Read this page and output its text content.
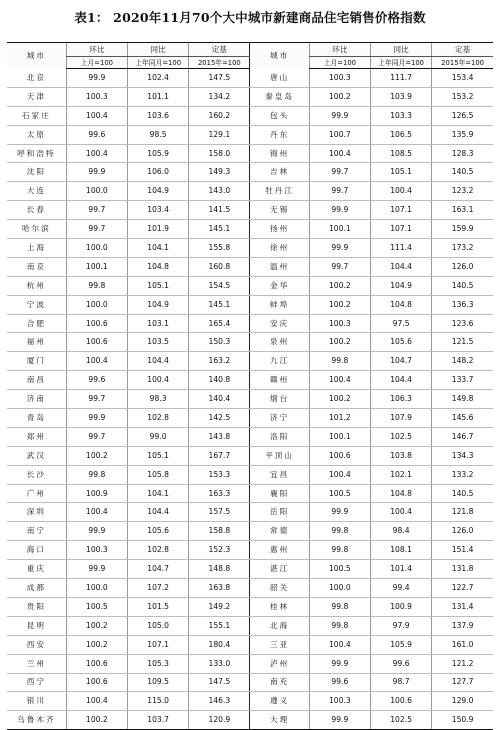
表1： 2020年11月70个大中城市新建商品住宅销售价格指数
城市	环比	同比	定基	城市	环比	同比	定基
	上月=100	上年同月=100	2015年=100		上月=100	上年同月=100	2015年=100
北京	99.9	102.4	147.5	唐山	100.3	111.7	153.4
天津	100.3	101.1	134.2	秦皇岛	100.2	103.9	153.2
石家庄	100.4	103.6	160.2	包头	99.9	103.3	126.5
太原	99.6	98.5	129.1	丹东	100.7	106.5	135.9
呼和浩特	100.4	105.9	158.0	锦州	100.4	108.5	128.3
沈阳	99.9	106.0	149.3	吉林	99.7	105.1	140.5
大连	100.0	104.9	143.0	牡丹江	99.7	100.4	123.2
长春	99.7	103.4	141.5	无锡	99.9	107.1	163.1
哈尔滨	99.7	101.9	145.1	扬州	100.1	107.1	159.9
上海	100.0	104.1	155.8	徐州	99.9	111.4	173.2
南京	100.1	104.8	160.8	温州	99.7	104.4	126.0
杭州	99.8	105.1	154.5	金华	100.2	104.9	140.5
宁波	100.0	104.9	145.1	蚌埠	100.2	104.8	136.3
合肥	100.6	103.1	165.4	安庆	100.3	97.5	123.6
福州	100.6	103.5	150.3	泉州	100.2	105.6	121.5
厦门	100.4	104.4	163.2	九江	99.8	104.7	148.2
南昌	99.6	100.4	140.8	赣州	100.4	104.4	133.7
济南	99.7	98.3	140.4	烟台	100.2	106.3	149.8
青岛	99.9	102.8	142.5	济宁	101.2	107.9	145.6
郑州	99.7	99.0	143.8	洛阳	100.1	102.5	146.7
武汉	100.2	105.1	167.7	平顶山	100.6	103.8	134.3
长沙	99.8	105.8	153.3	宜昌	100.4	102.1	133.2
广州	100.9	104.1	163.3	襄阳	100.5	104.8	140.5
深圳	100.4	104.4	157.5	岳阳	99.9	100.4	121.8
南宁	99.9	105.6	158.8	常德	99.8	98.4	126.0
海口	100.3	102.8	152.3	惠州	99.8	108.1	151.4
重庆	99.9	104.7	148.8	湛江	100.5	101.4	131.8
成都	100.0	107.2	163.8	韶关	100.0	99.4	122.7
贵阳	100.5	101.5	149.2	桂林	99.8	100.9	131.4
昆明	100.2	105.0	155.1	北海	99.8	97.9	137.9
西安	100.2	107.1	180.4	三亚	100.4	105.9	161.0
兰州	100.6	105.3	133.0	泸州	99.9	99.6	121.2
西宁	100.6	109.5	147.5	南充	99.6	98.7	127.7
银川	100.4	115.0	146.3	遵义	100.3	100.6	129.0
乌鲁木齐	100.2	103.7	120.9	大理	99.9	102.5	150.9
